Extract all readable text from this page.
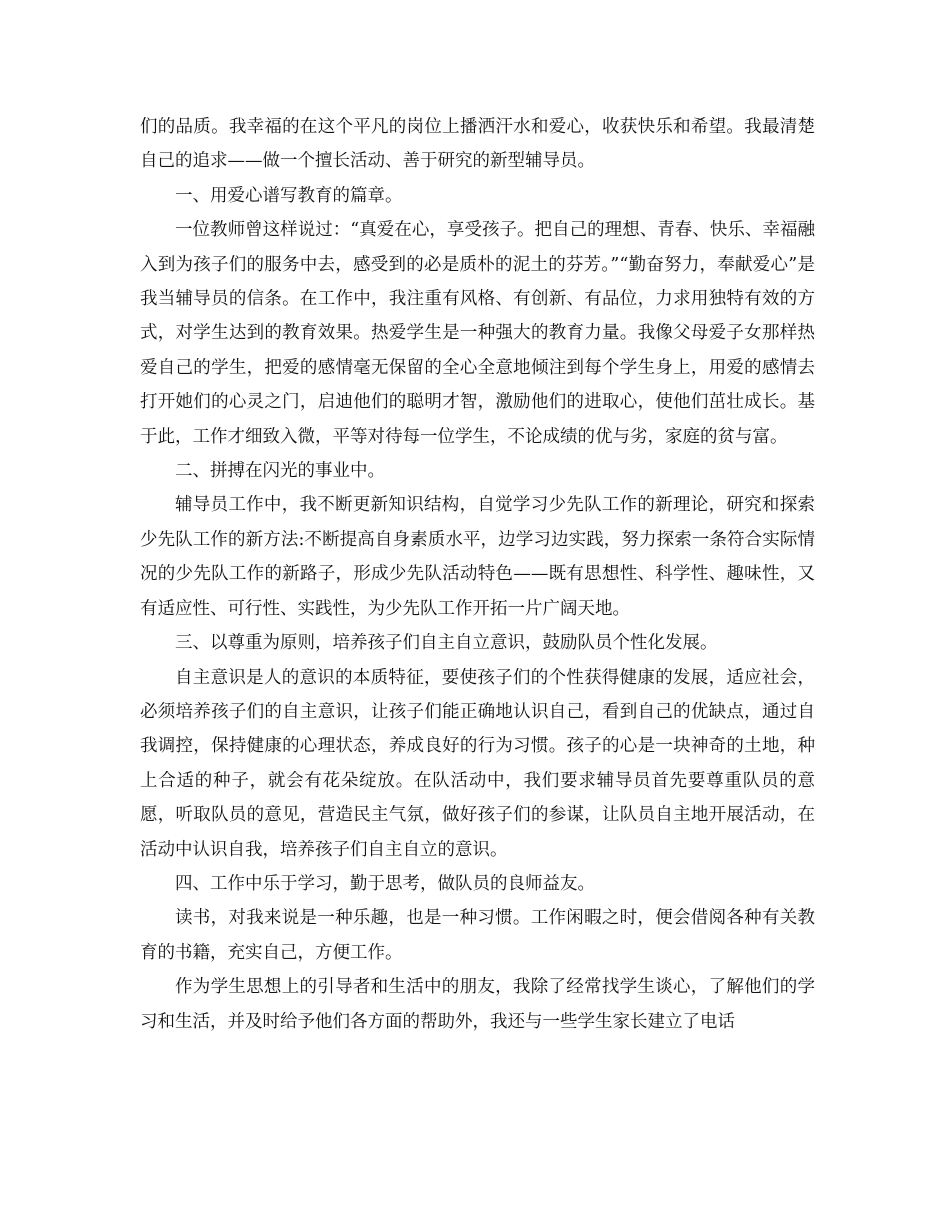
们的品质。我幸福的在这个平凡的岗位上播洒汗水和爱心，收获快乐和希望。我最清楚自己的追求——做一个擅长活动、善于研究的新型辅导员。

一、用爱心谱写教育的篇章。

一位教师曾这样说过：“真爱在心，享受孩子。把自己的理想、青春、快乐、幸福融入到为孩子们的服务中去，感受到的必是质朴的泥土的芬芳。”“勤奋努力，奉献爱心”是我当辅导员的信条。在工作中，我注重有风格、有创新、有品位，力求用独特有效的方式，对学生达到的教育效果。热爱学生是一种强大的教育力量。我像父母爱子女那样热爱自己的学生，把爱的感情毫无保留的全心全意地倾注到每个学生身上，用爱的感情去打开她们的心灵之门，启迪他们的聪明才智，激励他们的进取心，使他们茁壮成长。基于此，工作才细致入微，平等对待每一位学生，不论成绩的优与劣，家庭的贫与富。

二、拼搏在闪光的事业中。

辅导员工作中，我不断更新知识结构，自觉学习少先队工作的新理论，研究和探索少先队工作的新方法:不断提高自身素质水平，边学习边实践，努力探索一条符合实际情况的少先队工作的新路子，形成少先队活动特色——既有思想性、科学性、趣味性，又有适应性、可行性、实践性，为少先队工作开拓一片广阔天地。

三、以尊重为原则，培养孩子们自主自立意识，鼓励队员个性化发展。

自主意识是人的意识的本质特征，要使孩子们的个性获得健康的发展，适应社会，必须培养孩子们的自主意识，让孩子们能正确地认识自己，看到自己的优缺点，通过自我调控，保持健康的心理状态，养成良好的行为习惯。孩子的心是一块神奇的土地，种上合适的种子，就会有花朵绽放。在队活动中，我们要求辅导员首先要尊重队员的意愿，听取队员的意见，营造民主气氛，做好孩子们的参谋，让队员自主地开展活动，在活动中认识自我，培养孩子们自主自立的意识。

四、工作中乐于学习，勤于思考，做队员的良师益友。

读书，对我来说是一种乐趣，也是一种习惯。工作闲暇之时，便会借阅各种有关教育的书籍，充实自己，方便工作。

作为学生思想上的引导者和生活中的朋友，我除了经常找学生谈心，了解他们的学习和生活，并及时给予他们各方面的帮助外，我还与一些学生家长建立了电话
